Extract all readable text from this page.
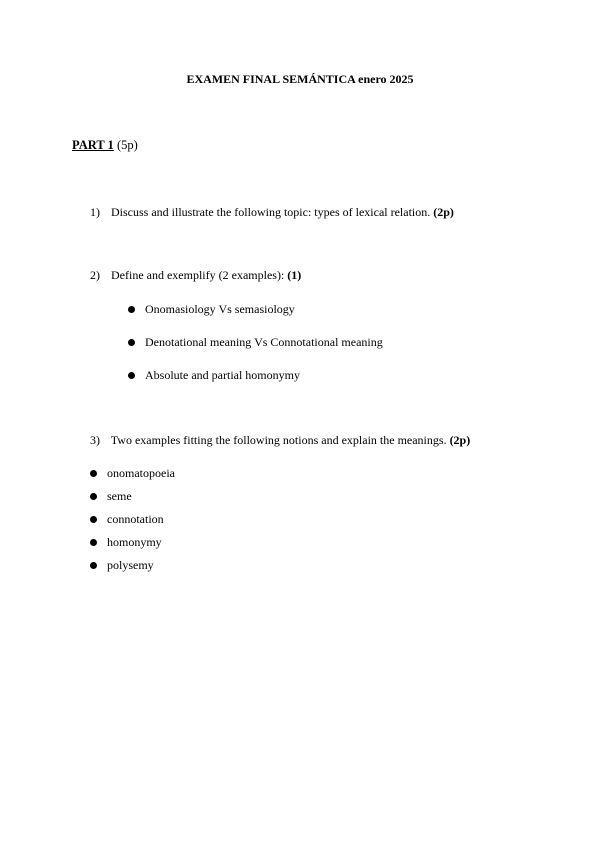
EXAMEN FINAL SEMÁNTICA enero 2025
PART 1 (5p)
1) Discuss and illustrate the following topic: types of lexical relation. (2p)
2) Define and exemplify (2 examples): (1)
Onomasiology Vs semasiology
Denotational meaning Vs Connotational meaning
Absolute and partial homonymy
3) Two examples fitting the following notions and explain the meanings. (2p)
onomatopoeia
seme
connotation
homonymy
polysemy
